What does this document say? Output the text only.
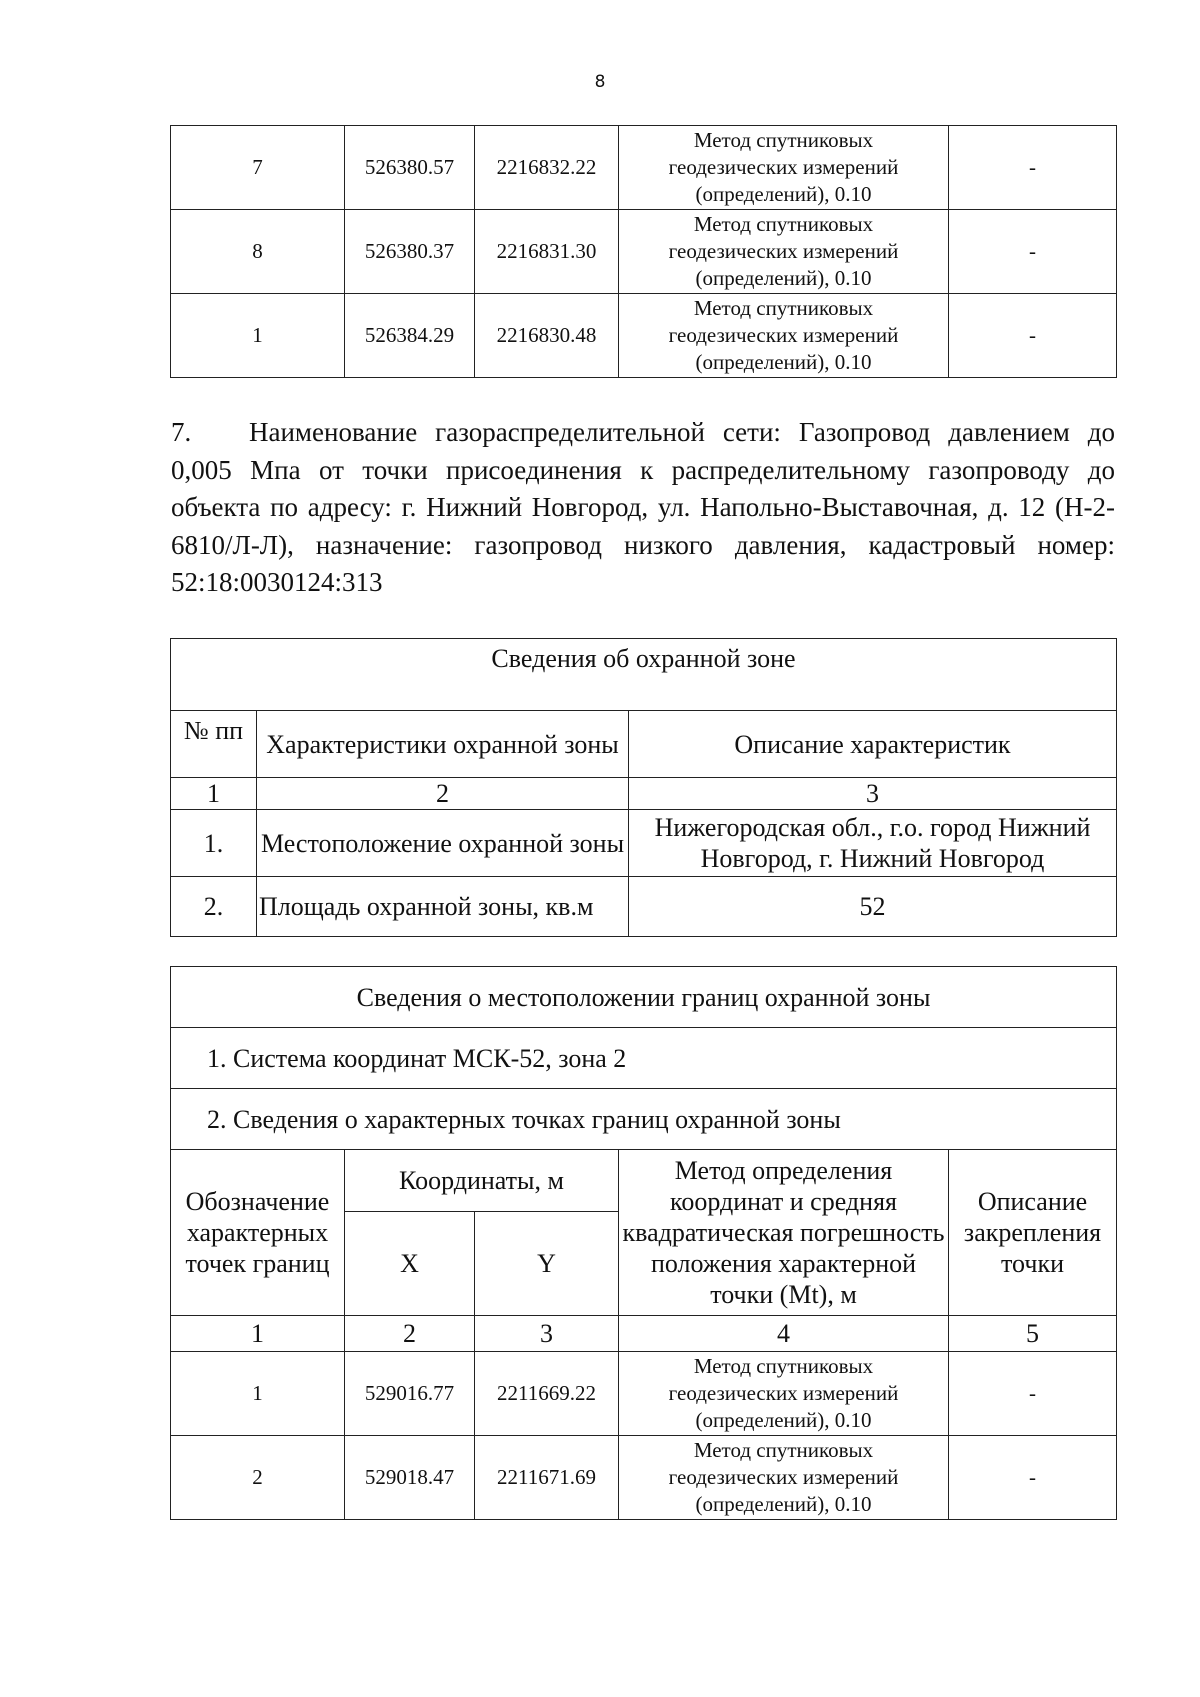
8
7	526380.57	2216832.22	Метод спутниковых
геодезических измерений
(определений), 0.10	-
8	526380.37	2216831.30	Метод спутниковых
геодезических измерений
(определений), 0.10	-
1	526384.29	2216830.48	Метод спутниковых
геодезических измерений
(определений), 0.10	-
7. Наименование газораспределительной сети: Газопровод давлением до 0,005 Мпа от точки присоединения к распределительному газопроводу до объекта по адресу: г. Нижний Новгород, ул. Напольно-Выставочная, д. 12 (Н-2-6810/Л-Л), назначение: газопровод низкого давления, кадастровый номер: 52:18:0030124:313
Сведения об охранной зоне		
№ пп	Характеристики охранной зоны	Описание характеристик
1	2	3
1.	Местоположение охранной зоны	Нижегородская обл., г.о. город Нижний Новгород, г. Нижний Новгород
2.	Площадь охранной зоны, кв.м	52
Сведения о местоположении границ охранной зоны				
1. Система координат МСК-52, зона 2				
2. Сведения о характерных точках границ охранной зоны				
Обозначение характерных точек границ	Координаты, м		Метод определения координат и средняя квадратическая погрешность положения характерной точки (Mt), м	Описание закрепления точки
	X	Y		
1	2	3	4	5
1	529016.77	2211669.22	Метод спутниковых
геодезических измерений
(определений), 0.10	-
2	529018.47	2211671.69	Метод спутниковых
геодезических измерений
(определений), 0.10	-
